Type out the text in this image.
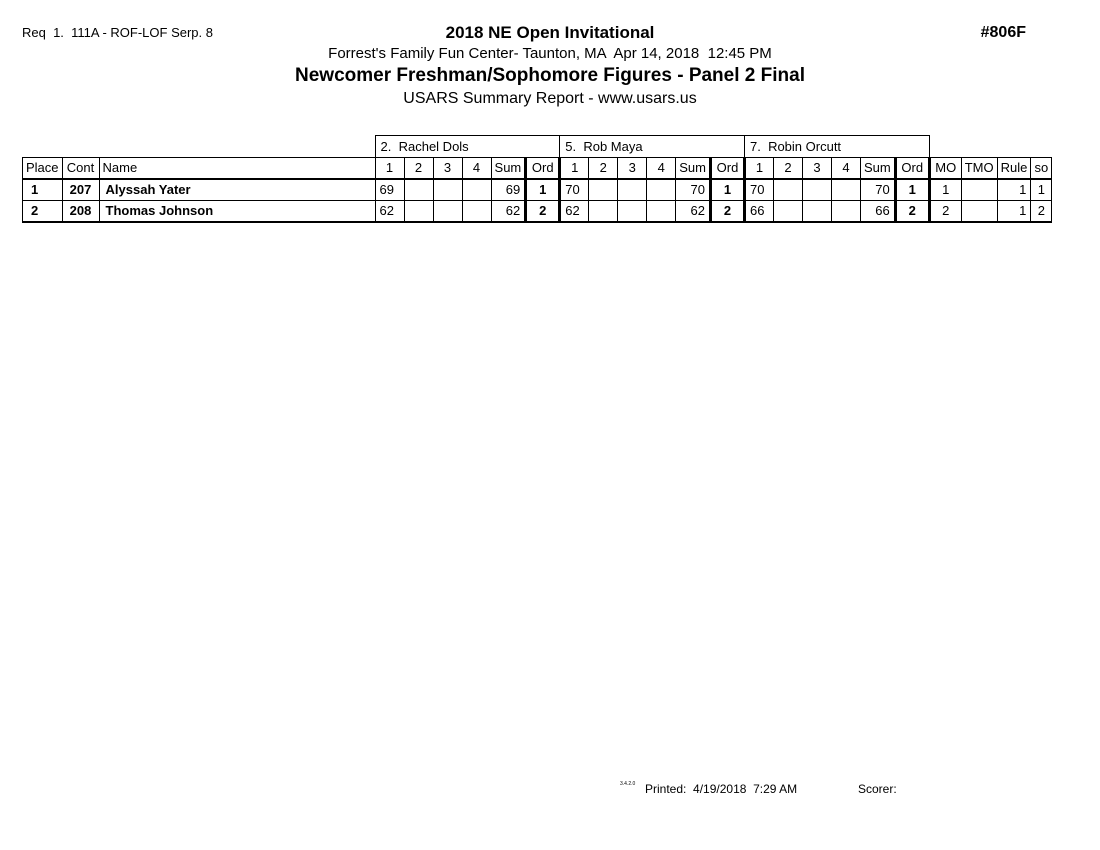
Req  1.  111A - ROF-LOF Serp. 8	#806F
2018 NE Open Invitational
Forrest's Family Fun Center- Taunton, MA  Apr 14, 2018  12:45 PM
Newcomer Freshman/Sophomore Figures - Panel 2 Final
USARS Summary Report - www.usars.us
			2.  Rachel Dols						5.  Rob Maya						7.  Robin Orcutt									
Place	Cont	Name	1	2	3	4	Sum	Ord	1	2	3	4	Sum	Ord	1	2	3	4	Sum	Ord	MO	TMO	Rule	so
1	207	Alyssah Yater	69				69	1	70				70	1	70				70	1	1		1	1
2	208	Thomas Johnson	62				62	2	62				62	2	66				66	2	2		1	2
3.4.2.0 Printed: 4/19/2018  7:29 AM	Scorer:
